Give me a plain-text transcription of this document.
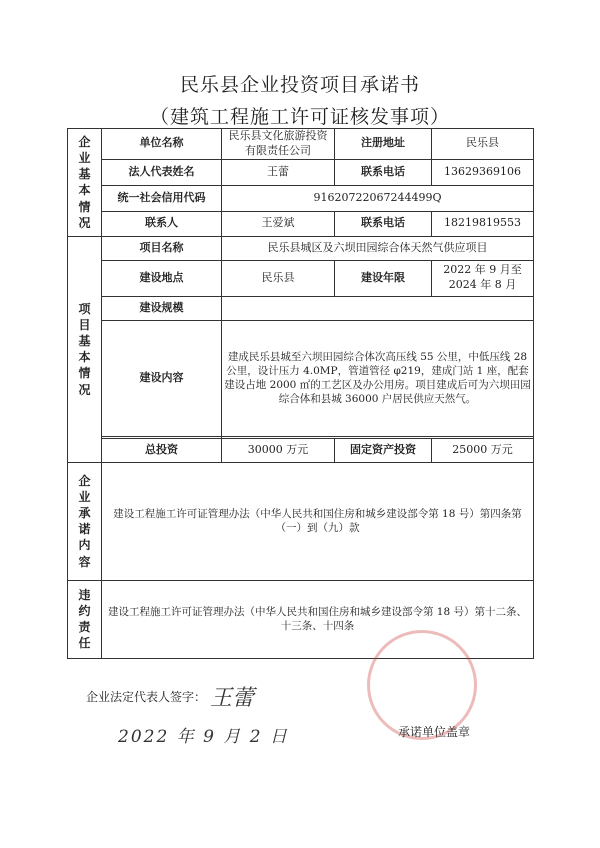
民乐县企业投资项目承诺书
（建筑工程施工许可证核发事项）
企业基本情况	单位名称	民乐县文化旅游投资有限责任公司	注册地址	民乐县
	法人代表姓名	王蕾	联系电话	13629369106
	统一社会信用代码	91620722067244499Q		
	联系人	王爱斌	联系电话	18219819553
项目基本情况	项目名称	民乐县城区及六坝田园综合体天然气供应项目		
	建设地点	民乐县	建设年限	2022 年 9 月至 2024 年 8 月
	建设规模			
	建设内容	建成民乐县城至六坝田园综合体次高压线 55 公里，中低压线 28 公里，设计压力 4.0MP，管道管径 φ219，建成门站 1 座，配套建设占地 2000 ㎡的工艺区及办公用房。项目建成后可为六坝田园综合体和县城 36000 户居民供应天然气。		

	总投资	30000 万元	固定资产投资	25000 万元
企业承诺内容	建设工程施工许可证管理办法（中华人民共和国住房和城乡建设部令第 18 号）第四条第（一）到（九）款			
违约责任	建设工程施工许可证管理办法（中华人民共和国住房和城乡建设部令第 18 号）第十二条、十三条、十四条			
企业法定代表人签字： 王蕾
2022 年 9 月 2 日	承诺单位盖章
